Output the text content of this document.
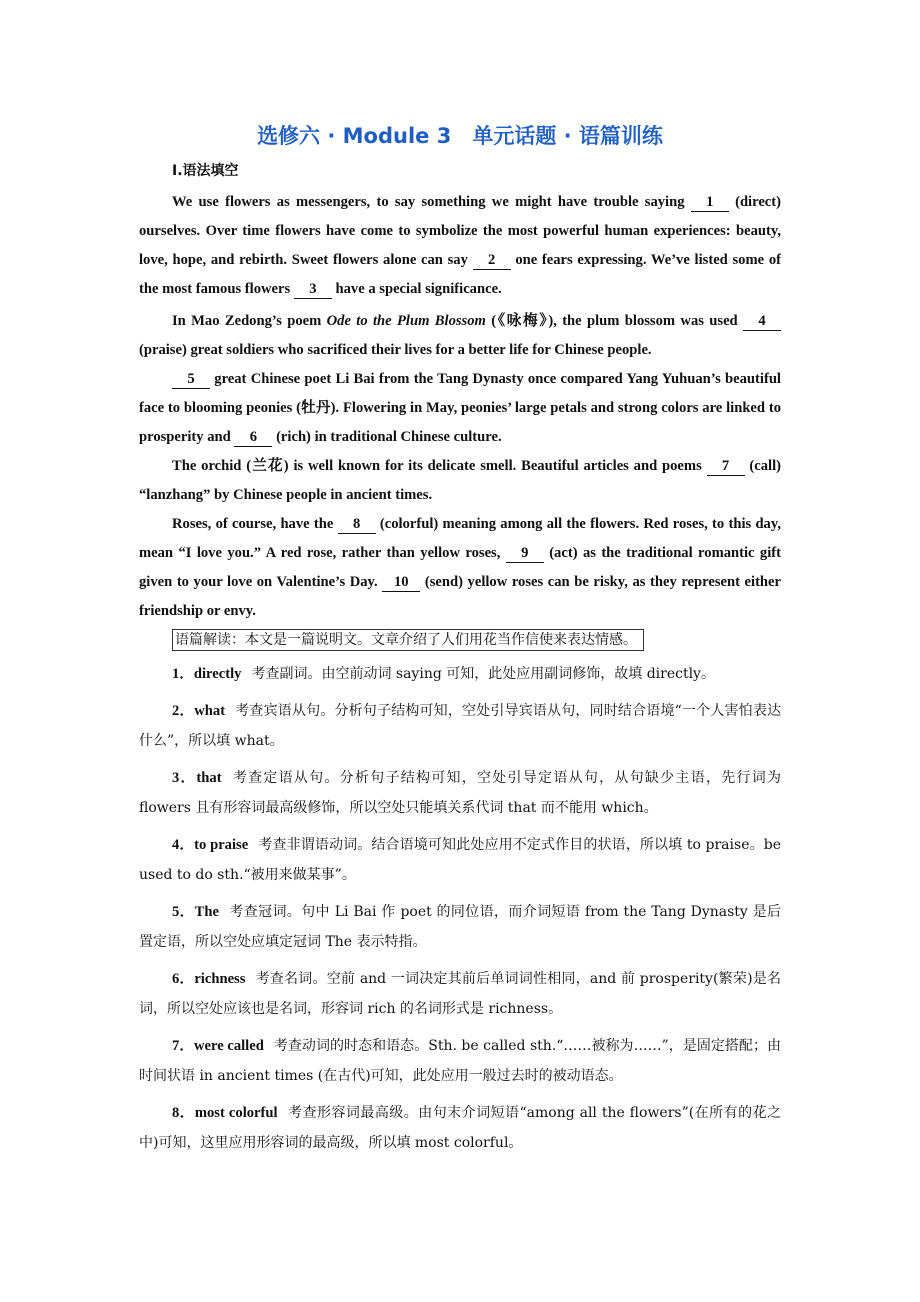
选修六 · Module 3　单元话题 · 语篇训练
Ⅰ.语法填空

We use flowers as messengers, to say something we might have trouble saying 1 (direct) ourselves. Over time flowers have come to symbolize the most powerful human experiences: beauty, love, hope, and rebirth. Sweet flowers alone can say 2 one fears expressing. We’ve listed some of the most famous flowers 3 have a special significance.

In Mao Zedong’s poem Ode to the Plum Blossom (《咏梅》), the plum blossom was used 4 (praise) great soldiers who sacrificed their lives for a better life for Chinese people.

5 great Chinese poet Li Bai from the Tang Dynasty once compared Yang Yuhuan’s beautiful face to blooming peonies (牡丹). Flowering in May, peonies’ large petals and strong colors are linked to prosperity and 6 (rich) in traditional Chinese culture.

The orchid (兰花) is well known for its delicate smell. Beautiful articles and poems 7 (call) “lanzhang” by Chinese people in ancient times.

Roses, of course, have the 8 (colorful) meaning among all the flowers. Red roses, to this day, mean “I love you.” A red rose, rather than yellow roses, 9 (act) as the traditional romantic gift given to your love on Valentine’s Day. 10 (send) yellow roses can be risky, as they represent either friendship or envy.

语篇解读：本文是一篇说明文。文章介绍了人们用花当作信使来表达情感。

1．directly 考查副词。由空前动词 saying 可知，此处应用副词修饰，故填 directly。

2．what 考查宾语从句。分析句子结构可知，空处引导宾语从句，同时结合语境“一个人害怕表达什么”，所以填 what。

3．that 考查定语从句。分析句子结构可知，空处引导定语从句，从句缺少主语，先行词为 flowers 且有形容词最高级修饰，所以空处只能填关系代词 that 而不能用 which。

4．to praise 考查非谓语动词。结合语境可知此处应用不定式作目的状语，所以填 to praise。be used to do sth.“被用来做某事”。

5．The 考查冠词。句中 Li Bai 作 poet 的同位语，而介词短语 from the Tang Dynasty 是后置定语，所以空处应填定冠词 The 表示特指。

6．richness 考查名词。空前 and 一词决定其前后单词词性相同，and 前 prosperity(繁荣)是名词，所以空处应该也是名词，形容词 rich 的名词形式是 richness。

7．were called 考查动词的时态和语态。Sth. be called sth.“……被称为……”，是固定搭配；由时间状语 in ancient times (在古代)可知，此处应用一般过去时的被动语态。

8．most colorful 考查形容词最高级。由句末介词短语“among all the flowers”(在所有的花之中)可知，这里应用形容词的最高级，所以填 most colorful。
